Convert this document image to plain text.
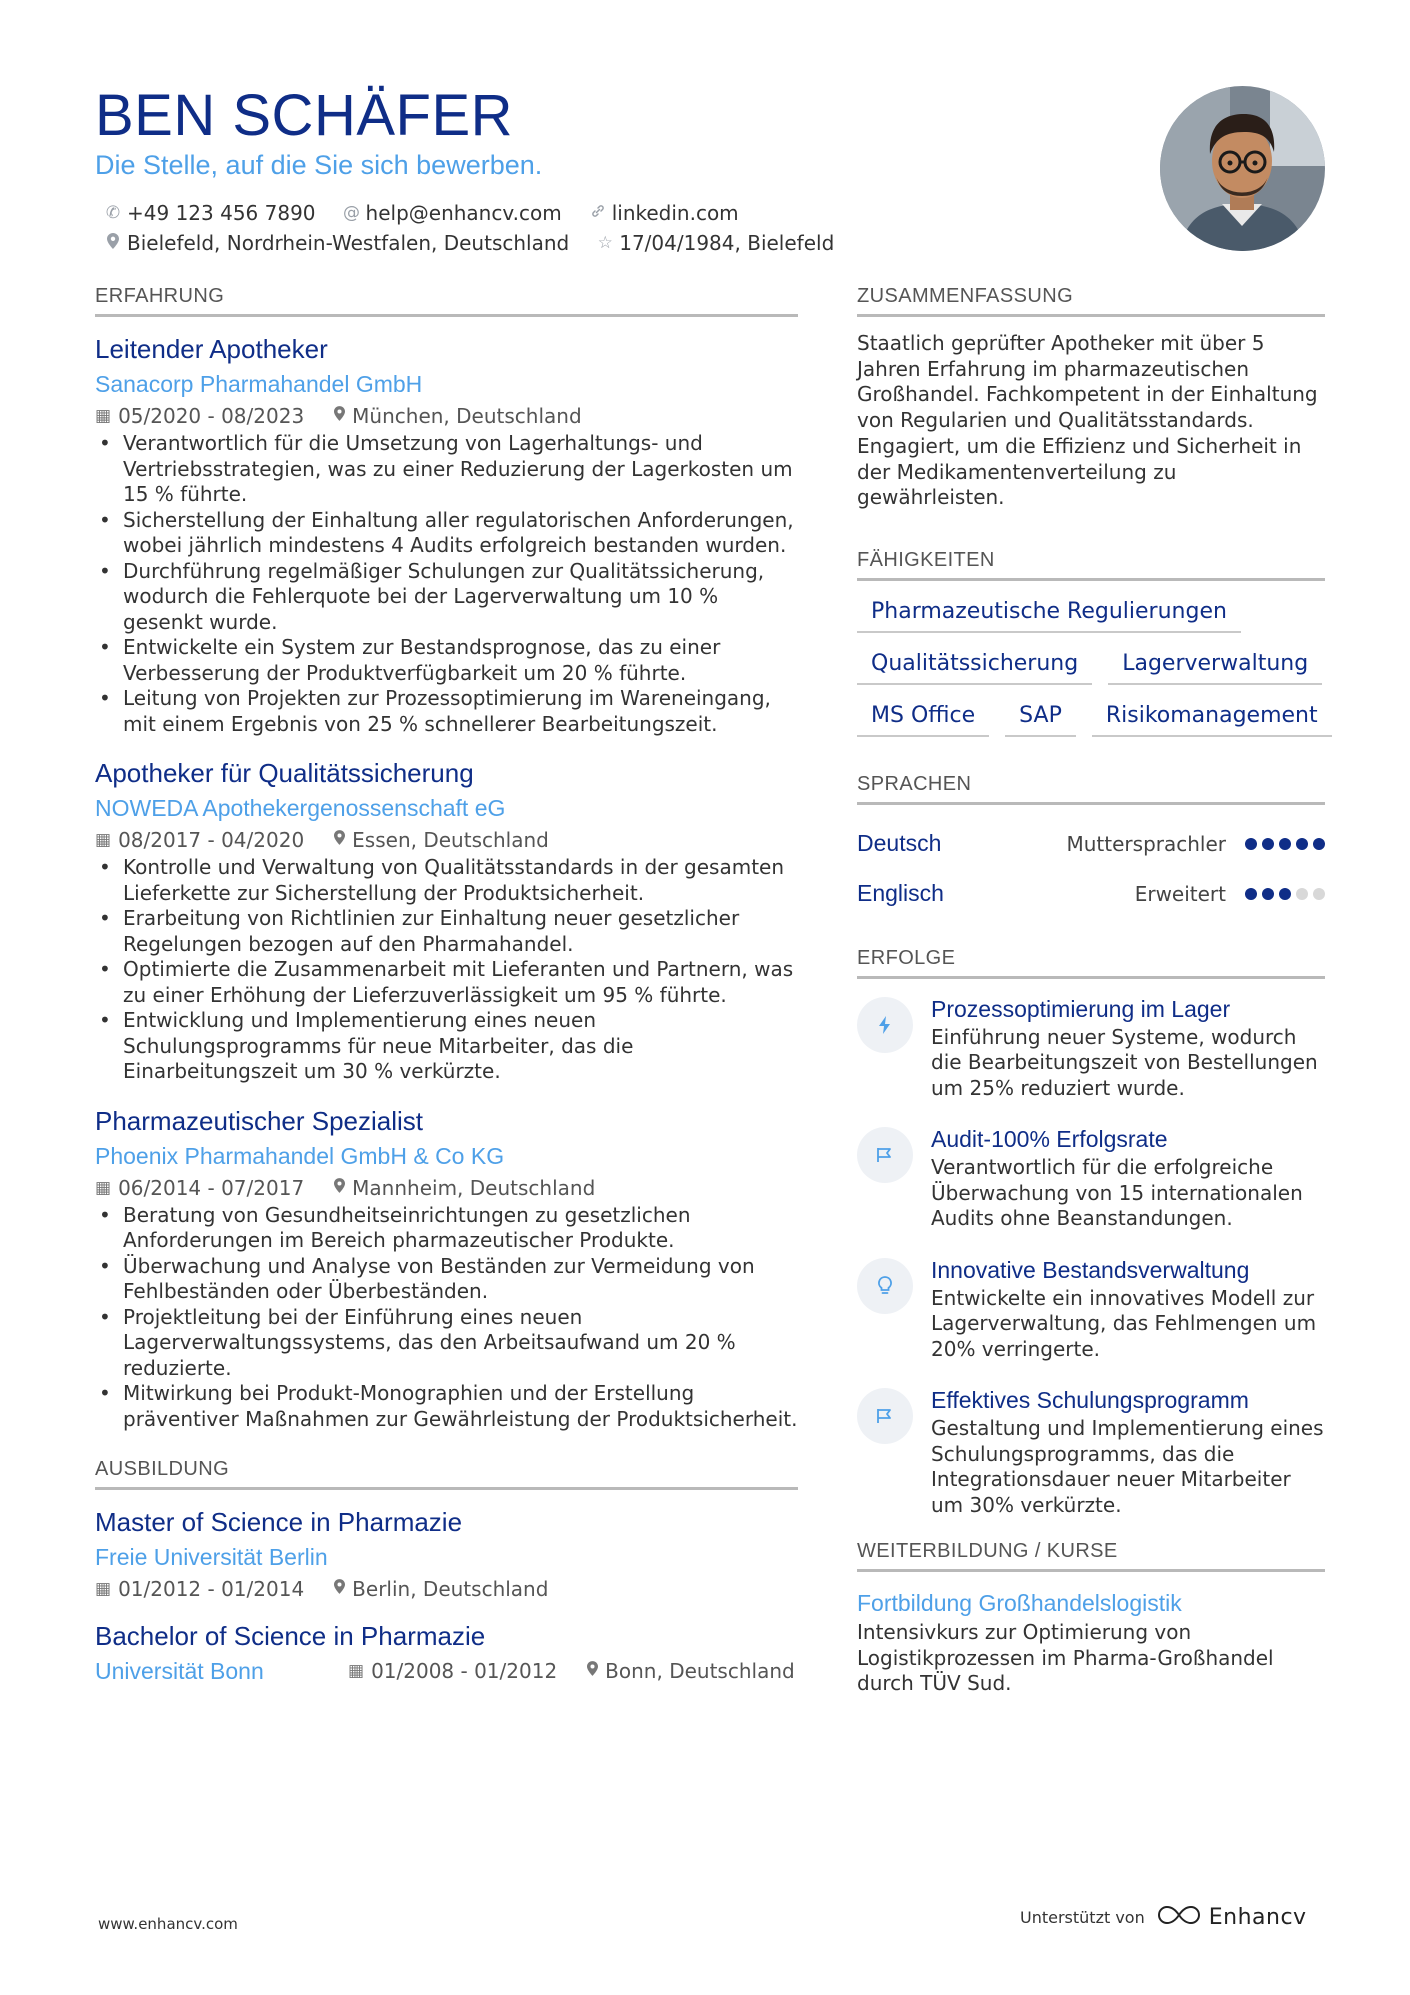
BEN SCHÄFER
Die Stelle, auf die Sie sich bewerben.
✆ +49 123 456 7890 @ help@enhancv.com	linkedin.com
Bielefeld, Nordrhein-Westfalen, Deutschland ☆ 17/04/1984, Bielefeld
ERFAHRUNG
Leitender Apotheker
Sanacorp Pharmahandel GmbH
▦ 05/2020 - 08/2023 München, Deutschland
• Verantwortlich für die Umsetzung von Lagerhaltungs- und Vertriebsstrategien, was zu einer Reduzierung der Lagerkosten um 15 % führte.
• Sicherstellung der Einhaltung aller regulatorischen Anforderungen, wobei jährlich mindestens 4 Audits erfolgreich bestanden wurden.
• Durchführung regelmäßiger Schulungen zur Qualitätssicherung, wodurch die Fehlerquote bei der Lagerverwaltung um 10 % gesenkt wurde.
• Entwickelte ein System zur Bestandsprognose, das zu einer Verbesserung der Produktverfügbarkeit um 20 % führte.
• Leitung von Projekten zur Prozessoptimierung im Wareneingang, mit einem Ergebnis von 25 % schnellerer Bearbeitungszeit.
Apotheker für Qualitätssicherung
NOWEDA Apothekergenossenschaft eG
▦ 08/2017 - 04/2020 Essen, Deutschland
• Kontrolle und Verwaltung von Qualitätsstandards in der gesamten Lieferkette zur Sicherstellung der Produktsicherheit.
• Erarbeitung von Richtlinien zur Einhaltung neuer gesetzlicher Regelungen bezogen auf den Pharmahandel.
• Optimierte die Zusammenarbeit mit Lieferanten und Partnern, was zu einer Erhöhung der Lieferzuverlässigkeit um 95 % führte.
• Entwicklung und Implementierung eines neuen Schulungsprogramms für neue Mitarbeiter, das die Einarbeitungszeit um 30 % verkürzte.
Pharmazeutischer Spezialist
Phoenix Pharmahandel GmbH & Co KG
▦ 06/2014 - 07/2017 Mannheim, Deutschland
• Beratung von Gesundheitseinrichtungen zu gesetzlichen Anforderungen im Bereich pharmazeutischer Produkte.
• Überwachung und Analyse von Beständen zur Vermeidung von Fehlbeständen oder Überbeständen.
• Projektleitung bei der Einführung eines neuen Lagerverwaltungssystems, das den Arbeitsaufwand um 20 % reduzierte.
• Mitwirkung bei Produkt-Monographien und der Erstellung präventiver Maßnahmen zur Gewährleistung der Produktsicherheit.
AUSBILDUNG
Master of Science in Pharmazie
Freie Universität Berlin
▦ 01/2012 - 01/2014 Berlin, Deutschland
Bachelor of Science in Pharmazie
Universität Bonn	▦ 01/2008 - 01/2012 Bonn, Deutschland
ZUSAMMENFASSUNG
Staatlich geprüfter Apotheker mit über 5 Jahren Erfahrung im pharmazeutischen Großhandel. Fachkompetent in der Einhaltung von Regularien und Qualitätsstandards. Engagiert, um die Effizienz und Sicherheit in der Medikamentenverteilung zu gewährleisten.
FÄHIGKEITEN
Pharmazeutische Regulierungen
Qualitätssicherung	Lagerverwaltung
MS Office	SAP	Risikomanagement
SPRACHEN
Deutsch	Muttersprachler
Englisch	Erweitert
ERFOLGE
Prozessoptimierung im Lager
Einführung neuer Systeme, wodurch die Bearbeitungszeit von Bestellungen um 25% reduziert wurde.
Audit-100% Erfolgsrate
Verantwortlich für die erfolgreiche Überwachung von 15 internationalen Audits ohne Beanstandungen.
Innovative Bestandsverwaltung
Entwickelte ein innovatives Modell zur Lagerverwaltung, das Fehlmengen um 20% verringerte.
Effektives Schulungsprogramm
Gestaltung und Implementierung eines Schulungsprogramms, das die Integrationsdauer neuer Mitarbeiter um 30% verkürzte.
WEITERBILDUNG / KURSE
Fortbildung Großhandelslogistik
Intensivkurs zur Optimierung von Logistikprozessen im Pharma-Großhandel durch TÜV Sud.
www.enhancv.com	Unterstützt von	Enhancv
